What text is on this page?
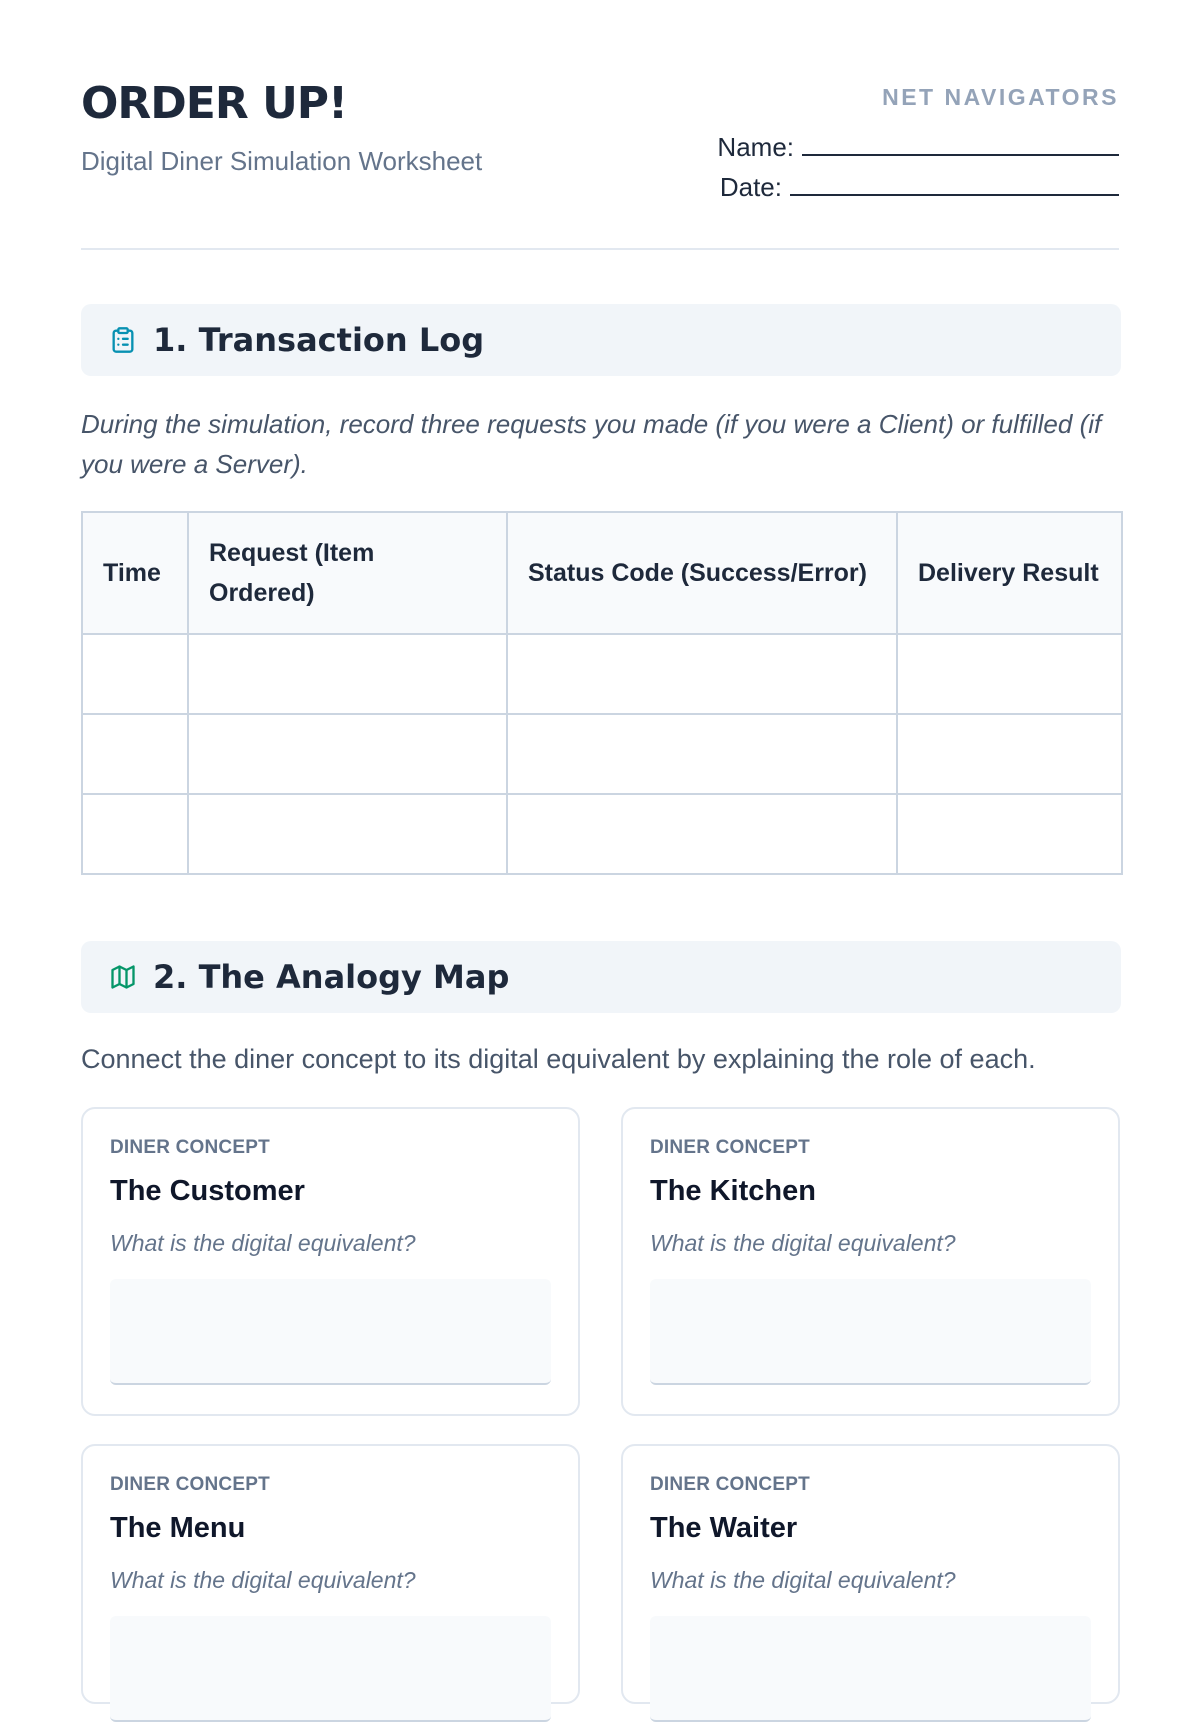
ORDER UP!
Digital Diner Simulation Worksheet
NET NAVIGATORS
Name:
Date:
1. Transaction Log

During the simulation, record three requests you made (if you were a Client) or fulfilled (if you were a Server).

Time	Request (Item Ordered)	Status Code (Success/Error)	Delivery Result

2. The Analogy Map

Connect the diner concept to its digital equivalent by explaining the role of each.

DINER CONCEPT
The Customer
What is the digital equivalent?
DINER CONCEPT
The Kitchen
What is the digital equivalent?
DINER CONCEPT
The Menu
What is the digital equivalent?
DINER CONCEPT
The Waiter
What is the digital equivalent?
